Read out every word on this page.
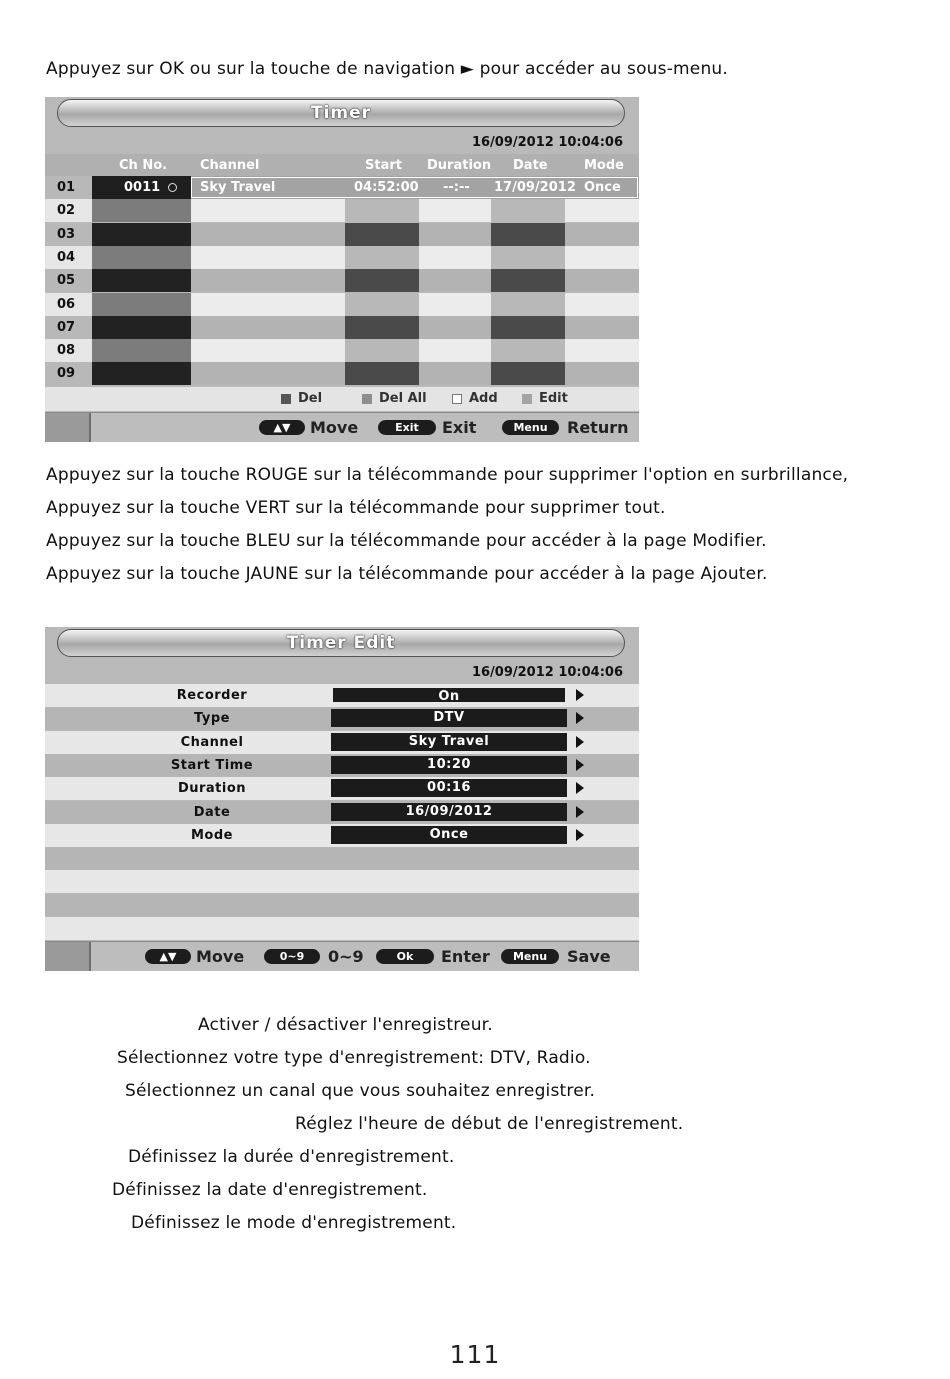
Appuyez sur OK ou sur la touche de navigation ► pour accéder au sous-menu.
Timer
16/09/2012 10:04:06
Ch No.	Channel	Start Duration Date	Mode
01	0011	Sky Travel	04:52:00 --:-- 17/09/2012 Once
02
03
04
05
06
07
08
09
Del	Del All	Add	Edit
▲▼	Move	Exit	Exit	Menu	Return
Appuyez sur la touche ROUGE sur la télécommande pour supprimer l'option en surbrillance,
Appuyez sur la touche VERT sur la télécommande pour supprimer tout.
Appuyez sur la touche BLEU sur la télécommande pour accéder à la page Modifier.
Appuyez sur la touche JAUNE sur la télécommande pour accéder à la page Ajouter.
Timer Edit
16/09/2012 10:04:06
Recorder	On
Type	DTV
Channel	Sky Travel
Start Time	10:20
Duration	00:16
Date	16/09/2012
Mode	Once
▲▼	Move	0~9	0~9	Ok	Enter	Menu	Save
Activer / désactiver l'enregistreur.
Sélectionnez votre type d'enregistrement: DTV, Radio.
Sélectionnez un canal que vous souhaitez enregistrer.
Réglez l'heure de début de l'enregistrement.
Définissez la durée d'enregistrement.
Définissez la date d'enregistrement.
Définissez le mode d'enregistrement.
111
